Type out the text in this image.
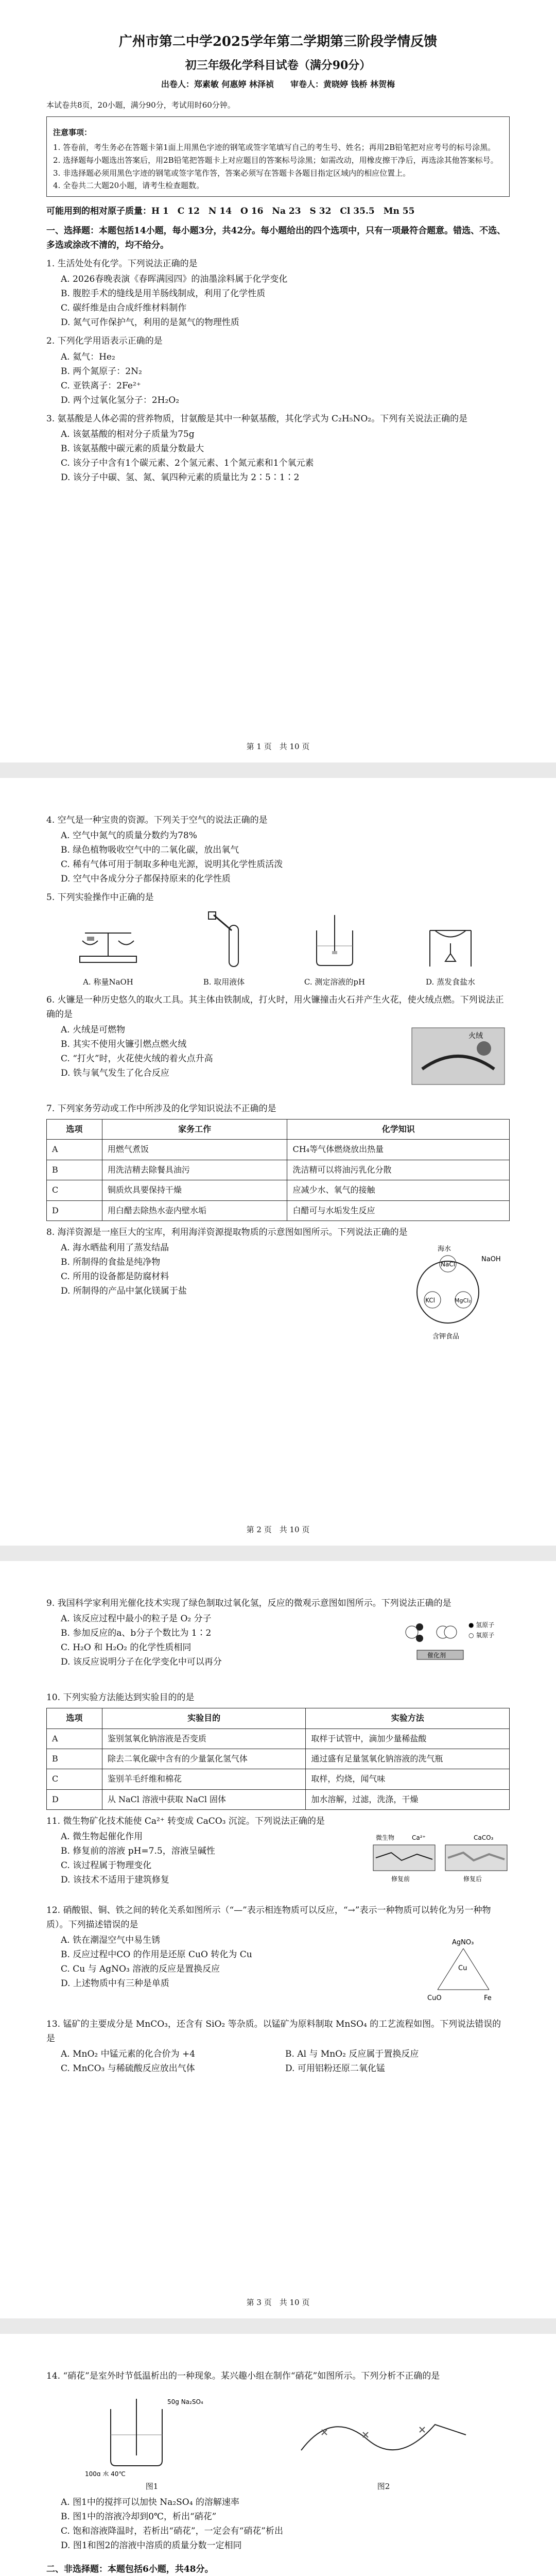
广州市第二中学2025学年第二学期第三阶段学情反馈
初三年级化学科目试卷（满分90分）
出卷人：郑素敏 何惠婷 林泽祯　　审卷人：黄晓婷 钱桥 林贺梅
本试卷共8页，20小题，满分90分，考试用时60分钟。
注意事项：
1. 答卷前，考生务必在答题卡第1面上用黑色字迹的钢笔或签字笔填写自己的考生号、姓名；再用2B铅笔把对应考号的标号涂黑。
2. 选择题每小题选出答案后，用2B铅笔把答题卡上对应题目的答案标号涂黑；如需改动，用橡皮擦干净后，再选涂其他答案标号。
3. 非选择题必须用黑色字迹的钢笔或签字笔作答，答案必须写在答题卡各题目指定区域内的相应位置上。
4. 全卷共二大题20小题，请考生检查题数。
可能用到的相对原子质量：H 1　C 12　N 14　O 16　Na 23　S 32　Cl 35.5　Mn 55
一、选择题：本题包括14小题，每小题3分，共42分。每小题给出的四个选项中，只有一项最符合题意。错选、不选、多选或涂改不清的，均不给分。
1. 生活处处有化学。下列说法正确的是

A. 2026春晚表演《春晖满园四》的油墨涂料属于化学变化

B. 腹腔手术的缝线是用羊肠线制成，利用了化学性质

C. 碳纤维是由合成纤维材料制作

D. 氮气可作保护气，利用的是氮气的物理性质

2. 下列化学用语表示正确的是

A. 氦气：He₂

B. 两个氮原子：2N₂

C. 亚铁离子：2Fe²⁺

D. 两个过氧化氢分子：2H₂O₂

3. 氨基酸是人体必需的营养物质，甘氨酸是其中一种氨基酸，其化学式为 C₂H₅NO₂。下列有关说法正确的是

A. 该氨基酸的相对分子质量为75g

B. 该氨基酸中碳元素的质量分数最大

C. 该分子中含有1个碳元素、2个氢元素、1个氮元素和1个氧元素

D. 该分子中碳、氢、氮、氧四种元素的质量比为 2∶5∶1∶2

第 1 页　共 10 页
4. 空气是一种宝贵的资源。下列关于空气的说法正确的是

A. 空气中氮气的质量分数约为78%

B. 绿色植物吸收空气中的二氧化碳，放出氧气

C. 稀有气体可用于制取多种电光源，说明其化学性质活泼

D. 空气中各成分分子都保持原来的化学性质

5. 下列实验操作中正确的是
A. 称量NaOH	B. 取用液体	C. 测定溶液的pH	D. 蒸发食盐水
6. 火镰是一种历史悠久的取火工具。其主体由铁制成，打火时，用火镰撞击火石并产生火花，使火绒点燃。下列说法正确的是
火绒

A. 火绒是可燃物

B. 其实不使用火镰引燃点燃火绒

C. “打火”时，火花使火绒的着火点升高

D. 铁与氧气发生了化合反应

7. 下列家务劳动或工作中所涉及的化学知识说法不正确的是
选项	家务工作	化学知识
A	用燃气煮饭	CH₄等气体燃烧放出热量
B	用洗洁精去除餐具油污	洗洁精可以将油污乳化分散
C	铜质炊具要保持干燥	应减少水、氧气的接触
D	用白醋去除热水壶内壁水垢	白醋可与水垢发生反应
8. 海洋资源是一座巨大的宝库，利用海洋资源提取物质的示意图如图所示。下列说法正确的是
海水
NaOH
KCl	MgCl₂
NaCl
含钾食品

A. 海水晒盐利用了蒸发结晶

B. 所制得的食盐是纯净物

C. 所用的设备都是防腐材料

D. 所制得的产品中氯化镁属于盐

第 2 页　共 10 页
9. 我国科学家利用光催化技术实现了绿色制取过氧化氢，反应的微观示意图如图所示。下列说法正确的是
催化剂
● 氢原子
○ 氧原子

A. 该反应过程中最小的粒子是 O₂ 分子

B. 参加反应的a、b分子个数比为 1∶2

C. H₂O 和 H₂O₂ 的化学性质相同

D. 该反应说明分子在化学变化中可以再分

10. 下列实验方法能达到实验目的的是
选项	实验目的	实验方法
A	鉴别氢氧化钠溶液是否变质	取样于试管中，滴加少量稀盐酸
B	除去二氧化碳中含有的少量氯化氢气体	通过盛有足量氢氧化钠溶液的洗气瓶
C	鉴别羊毛纤维和棉花	取样，灼烧，闻气味
D	从 NaCl 溶液中获取 NaCl 固体	加水溶解，过滤，洗涤，干燥
11. 微生物矿化技术能使 Ca²⁺ 转变成 CaCO₃ 沉淀。下列说法正确的是
微生物	Ca²⁺	CaCO₃
修复前	修复后

A. 微生物起催化作用

B. 修复前的溶液 pH=7.5，溶液呈碱性

C. 该过程属于物理变化

D. 该技术不适用于建筑修复

12. 硝酸银、铜、铁之间的转化关系如图所示（“—”表示相连物质可以反应，“→”表示一种物质可以转化为另一种物质）。下列描述错误的是
AgNO₃
Cu
CuO	Fe

A. 铁在潮湿空气中易生锈

B. 反应过程中CO 的作用是还原 CuO 转化为 Cu

C. Cu 与 AgNO₃ 溶液的反应是置换反应

D. 上述物质中有三种是单质

13. 锰矿的主要成分是 MnCO₃，还含有 SiO₂ 等杂质。以锰矿为原料制取 MnSO₄ 的工艺流程如图。下列说法错误的是

A. MnO₂ 中锰元素的化合价为 +4	B. Al 与 MnO₂ 反应属于置换反应

C. MnCO₃ 与稀硫酸反应放出气体	D. 可用铝粉还原二氧化锰

第 3 页　共 10 页
14. “硝花”是室外时节低温析出的一种现象。某兴趣小组在制作“硝花”如图所示。下列分析不正确的是
100g 水 40℃
50g Na₂SO₄
图1	图2

A. 图1中的搅拌可以加快 Na₂SO₄ 的溶解速率

B. 图1中的溶液冷却到0℃，析出“硝花”

C. 饱和溶液降温时，若析出“硝花”，一定会有“硝花”析出

D. 图1和图2的溶液中溶质的质量分数一定相同

二、非选择题：本题包括6小题，共48分。
